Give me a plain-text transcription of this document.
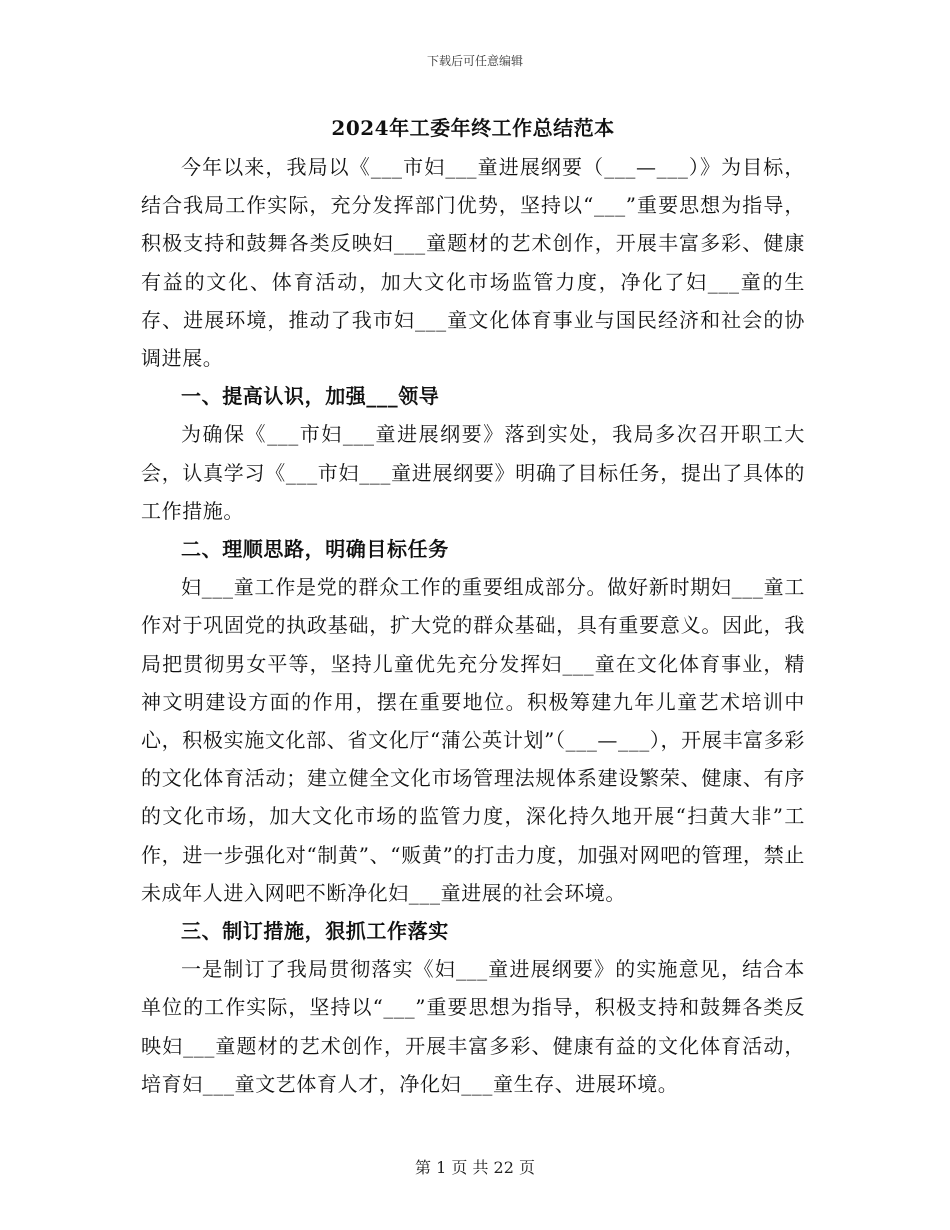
下载后可任意编辑
2024年工委年终工作总结范本

今年以来，我局以《___市妇___童进展纲要（___—___）》为目标，结合我局工作实际，充分发挥部门优势，坚持以“___”重要思想为指导，积极支持和鼓舞各类反映妇___童题材的艺术创作，开展丰富多彩、健康有益的文化、体育活动，加大文化市场监管力度，净化了妇___童的生存、进展环境，推动了我市妇___童文化体育事业与国民经济和社会的协调进展。

一、提高认识，加强___领导

为确保《___市妇___童进展纲要》落到实处，我局多次召开职工大会，认真学习《___市妇___童进展纲要》明确了目标任务，提出了具体的工作措施。

二、理顺思路，明确目标任务

妇___童工作是党的群众工作的重要组成部分。做好新时期妇___童工作对于巩固党的执政基础，扩大党的群众基础，具有重要意义。因此，我局把贯彻男女平等，坚持儿童优先充分发挥妇___童在文化体育事业，精神文明建设方面的作用，摆在重要地位。积极筹建九年儿童艺术培训中心，积极实施文化部、省文化厅“蒲公英计划”（___—___），开展丰富多彩的文化体育活动；建立健全文化市场管理法规体系建设繁荣、健康、有序的文化市场，加大文化市场的监管力度，深化持久地开展“扫黄大非”工作，进一步强化对“制黄”、“贩黄”的打击力度，加强对网吧的管理，禁止未成年人进入网吧不断净化妇___童进展的社会环境。

三、制订措施，狠抓工作落实

一是制订了我局贯彻落实《妇___童进展纲要》的实施意见，结合本单位的工作实际，坚持以“___”重要思想为指导，积极支持和鼓舞各类反映妇___童题材的艺术创作，开展丰富多彩、健康有益的文化体育活动，培育妇___童文艺体育人才，净化妇___童生存、进展环境。

第 1 页 共 22 页
